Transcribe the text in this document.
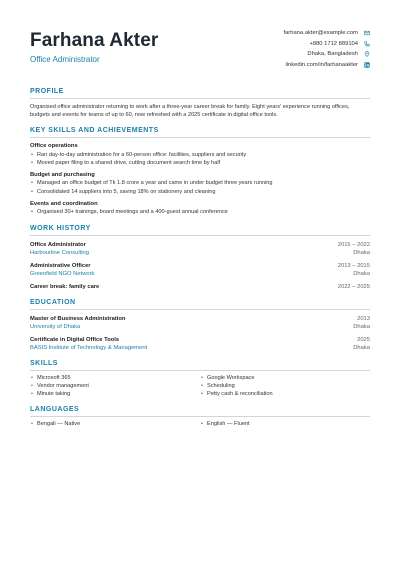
Farhana Akter
Office Administrator
farhana.akter@example.com
+880 1712 889104
Dhaka, Bangladesh
linkedin.com/in/farhanaakter
PROFILE

Organised office administrator returning to work after a three-year career break for family. Eight years' experience running offices, budgets and events for teams of up to 60, now refreshed with a 2025 certificate in digital office tools.

KEY SKILLS AND ACHIEVEMENTS
Office operations
• Ran day-to-day administration for a 60-person office: facilities, suppliers and security
• Moved paper filing to a shared drive, cutting document search time by half
Budget and purchasing
• Managed an office budget of Tk 1.8 crore a year and came in under budget three years running
• Consolidated 14 suppliers into 5, saving 18% on stationery and cleaning
Events and coordination
• Organised 30+ trainings, board meetings and a 400-guest annual conference
WORK HISTORY
Office Administrator	2015 – 2022
Harbourline Consulting	Dhaka
Administrative Officer	2013 – 2015
Greenfield NGO Network	Dhaka
Career break: family care	2022 – 2025
EDUCATION
Master of Business Administration	2013
University of Dhaka	Dhaka
Certificate in Digital Office Tools	2025
BASIS Institute of Technology & Management	Dhaka
SKILLS
• Microsoft 365
• Vendor management
• Minute taking
• Google Workspace
• Scheduling
• Petty cash & reconciliation
LANGUAGES
• Bengali — Native
•	English — Fluent
